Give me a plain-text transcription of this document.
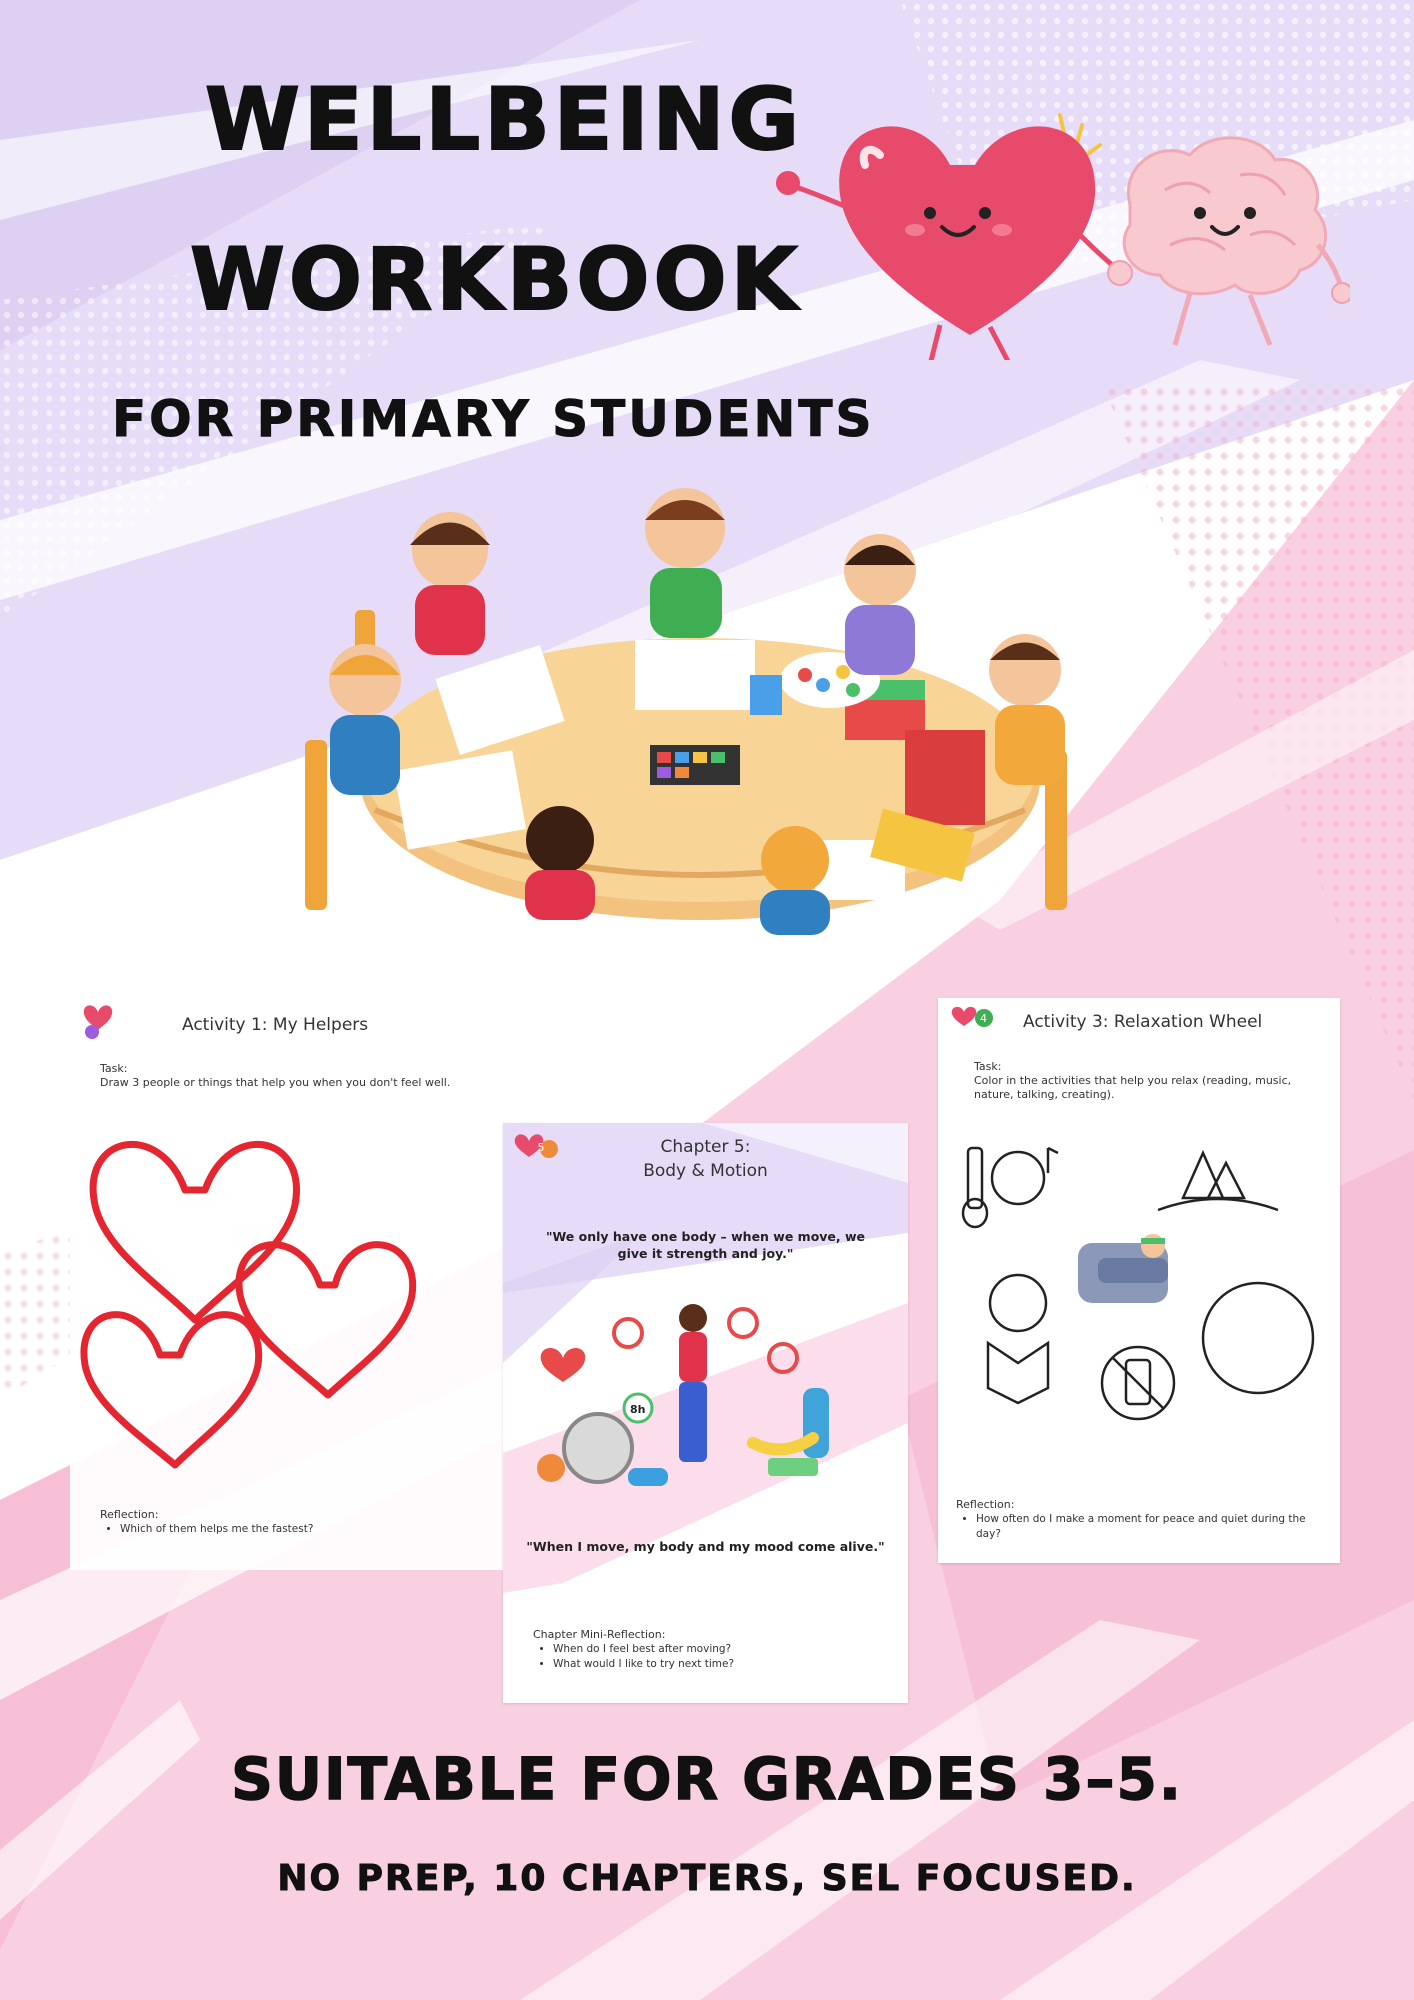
WELLBEING
WORKBOOK
FOR PRIMARY STUDENTS
8	Activity 1: My Helpers
Task:
Draw 3 people or things that help you when you don't feel well.
Reflection:
• Which of them helps me the fastest?
4 Activity 3: Relaxation Wheel
Task:
Color in the activities that help you relax (reading, music, nature, talking, creating).
Reflection:
• How often do I make a moment for peace and quiet during the day?
5	Chapter 5:
Body & Motion
"We only have one body – when we move, we give it strength and joy."
8h
"When I move, my body and my mood come alive."
Chapter Mini-Reflection:
• When do I feel best after moving?
• What would I like to try next time?
SUITABLE FOR GRADES 3–5.
NO PREP, 10 CHAPTERS, SEL FOCUSED.
